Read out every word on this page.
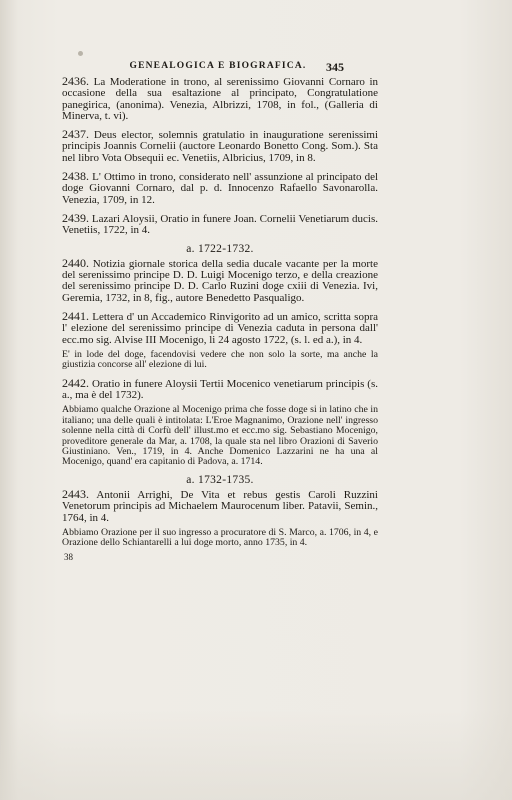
GENEALOGICA E BIOGRAFICA.	345

2436. La Moderatione in trono, al serenissimo Giovanni Cornaro in occasione della sua esaltazione al principato, Congratulatione panegirica, (anonima). Venezia, Albrizzi, 1708, in fol., (Galleria di Minerva, t. vi).

2437. Deus elector, solemnis gratulatio in inauguratione serenissimi principis Joannis Cornelii (auctore Leonardo Bonetto Cong. Som.). Sta nel libro Vota Obsequii ec. Venetiis, Albricius, 1709, in 8.

2438. L' Ottimo in trono, considerato nell' assunzione al principato del doge Giovanni Cornaro, dal p. d. Innocenzo Rafaello Savonarolla. Venezia, 1709, in 12.

2439. Lazari Aloysii, Oratio in funere Joan. Cornelii Venetiarum ducis. Venetiis, 1722, in 4.

a. 1722-1732.

2440. Notizia giornale storica della sedia ducale vacante per la morte del serenissimo principe D. D. Luigi Mocenigo terzo, e della creazione del serenissimo principe D. D. Carlo Ruzini doge cxiii di Venezia. Ivi, Geremia, 1732, in 8, fig., autore Benedetto Pasqualigo.

2441. Lettera d' un Accademico Rinvigorito ad un amico, scritta sopra l' elezione del serenissimo principe di Venezia caduta in persona dall' ecc.mo sig. Alvise III Mocenigo, li 24 agosto 1722, (s. l. ed a.), in 4.

E' in lode del doge, facendovisi vedere che non solo la sorte, ma anche la giustizia concorse all' elezione di lui.

2442. Oratio in funere Aloysii Tertii Mocenico venetiarum principis (s. a., ma è del 1732).

Abbiamo qualche Orazione al Mocenigo prima che fosse doge si in latino che in italiano; una delle quali è intitolata: L'Eroe Magnanimo, Orazione nell' ingresso solenne nella città di Corfù dell' illust.mo et ecc.mo sig. Sebastiano Mocenigo, proveditore generale da Mar, a. 1708, la quale sta nel libro Orazioni di Saverio Giustiniano. Ven., 1719, in 4. Anche Domenico Lazzarini ne ha una al Mocenigo, quand' era capitanio di Padova, a. 1714.

a. 1732-1735.

2443. Antonii Arrighi, De Vita et rebus gestis Caroli Ruzzini Venetorum principis ad Michaelem Maurocenum liber. Patavii, Semin., 1764, in 4.

Abbiamo Orazione per il suo ingresso a procuratore di S. Marco, a. 1706, in 4, e Orazione dello Schiantarelli a lui doge morto, anno 1735, in 4.

38
